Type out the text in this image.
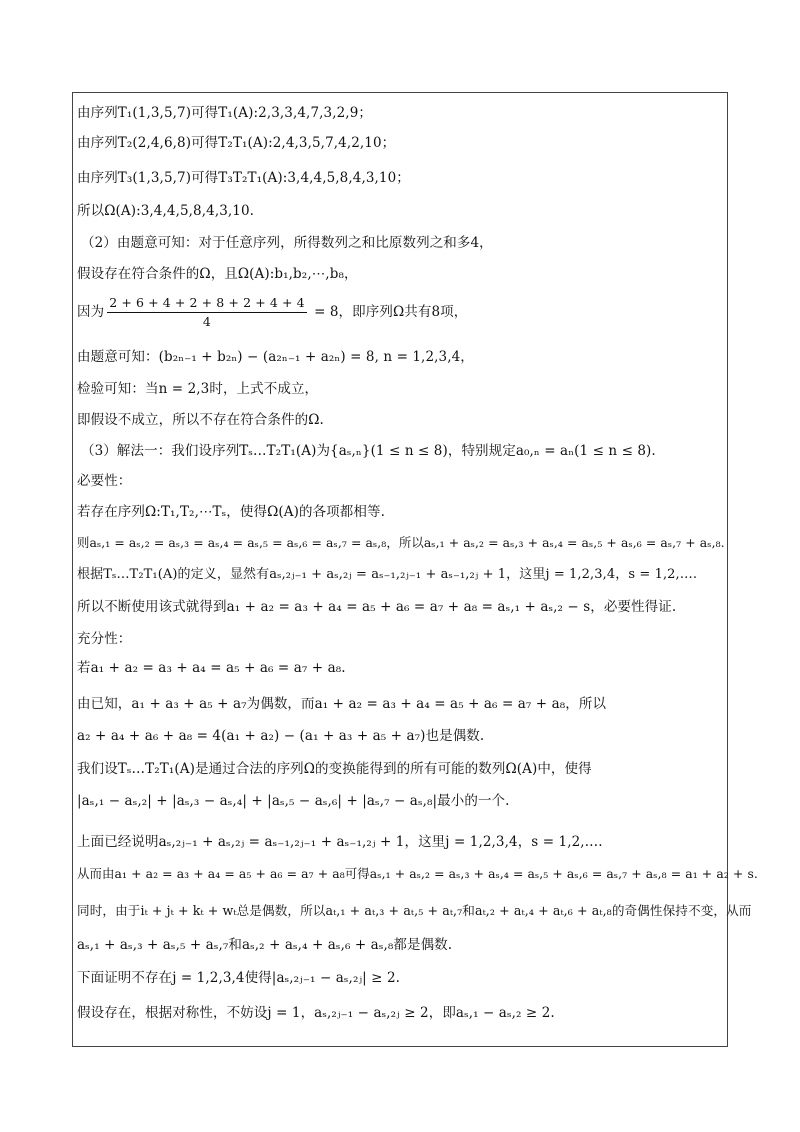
由序列T₁(1,3,5,7)可得T₁(A):2,3,3,4,7,3,2,9；
由序列T₂(2,4,6,8)可得T₂T₁(A):2,4,3,5,7,4,2,10；
由序列T₃(1,3,5,7)可得T₃T₂T₁(A):3,4,4,5,8,4,3,10；
所以Ω(A):3,4,4,5,8,4,3,10.
（2）由题意可知：对于任意序列，所得数列之和比原数列之和多4，
假设存在符合条件的Ω，且Ω(A):b₁,b₂,⋯,b₈，
因为 $\frac{2 + 6 + 4 + 2 + 8 + 2 + 4 + 4}{4} = 8$，即序列Ω共有8项，
由题意可知：(b₂ₙ₋₁ + b₂ₙ) − (a₂ₙ₋₁ + a₂ₙ) = 8, n = 1,2,3,4，
检验可知：当n = 2,3时，上式不成立，
即假设不成立，所以不存在符合条件的Ω.
（3）解法一：我们设序列Tₛ…T₂T₁(A)为{aₛ,ₙ}(1 ≤ n ≤ 8)，特别规定a₀,ₙ = aₙ(1 ≤ n ≤ 8).
必要性：
若存在序列Ω:T₁,T₂,⋯Tₛ，使得Ω(A)的各项都相等.
则aₛ,₁ = aₛ,₂ = aₛ,₃ = aₛ,₄ = aₛ,₅ = aₛ,₆ = aₛ,₇ = aₛ,₈，所以aₛ,₁ + aₛ,₂ = aₛ,₃ + aₛ,₄ = aₛ,₅ + aₛ,₆ = aₛ,₇ + aₛ,₈.
根据Tₛ…T₂T₁(A)的定义，显然有aₛ,₂ⱼ₋₁ + aₛ,₂ⱼ = aₛ₋₁,₂ⱼ₋₁ + aₛ₋₁,₂ⱼ + 1，这里j = 1,2,3,4，s = 1,2,….
所以不断使用该式就得到a₁ + a₂ = a₃ + a₄ = a₅ + a₆ = a₇ + a₈ = aₛ,₁ + aₛ,₂ − s，必要性得证.
充分性：
若a₁ + a₂ = a₃ + a₄ = a₅ + a₆ = a₇ + a₈.
由已知，a₁ + a₃ + a₅ + a₇为偶数，而a₁ + a₂ = a₃ + a₄ = a₅ + a₆ = a₇ + a₈，所以
a₂ + a₄ + a₆ + a₈ = 4(a₁ + a₂) − (a₁ + a₃ + a₅ + a₇)也是偶数.
我们设Tₛ…T₂T₁(A)是通过合法的序列Ω的变换能得到的所有可能的数列Ω(A)中，使得
|aₛ,₁ − aₛ,₂| + |aₛ,₃ − aₛ,₄| + |aₛ,₅ − aₛ,₆| + |aₛ,₇ − aₛ,₈|最小的一个.
上面已经说明aₛ,₂ⱼ₋₁ + aₛ,₂ⱼ = aₛ₋₁,₂ⱼ₋₁ + aₛ₋₁,₂ⱼ + 1，这里j = 1,2,3,4，s = 1,2,….
从而由a₁ + a₂ = a₃ + a₄ = a₅ + a₆ = a₇ + a₈可得aₛ,₁ + aₛ,₂ = aₛ,₃ + aₛ,₄ = aₛ,₅ + aₛ,₆ = aₛ,₇ + aₛ,₈ = a₁ + a₂ + s.
同时，由于iₜ + jₜ + kₜ + wₜ总是偶数，所以aₜ,₁ + aₜ,₃ + aₜ,₅ + aₜ,₇和aₜ,₂ + aₜ,₄ + aₜ,₆ + aₜ,₈的奇偶性保持不变，从而
aₛ,₁ + aₛ,₃ + aₛ,₅ + aₛ,₇和aₛ,₂ + aₛ,₄ + aₛ,₆ + aₛ,₈都是偶数.
下面证明不存在j = 1,2,3,4使得|aₛ,₂ⱼ₋₁ − aₛ,₂ⱼ| ≥ 2.
假设存在，根据对称性，不妨设j = 1，aₛ,₂ⱼ₋₁ − aₛ,₂ⱼ ≥ 2，即aₛ,₁ − aₛ,₂ ≥ 2.
